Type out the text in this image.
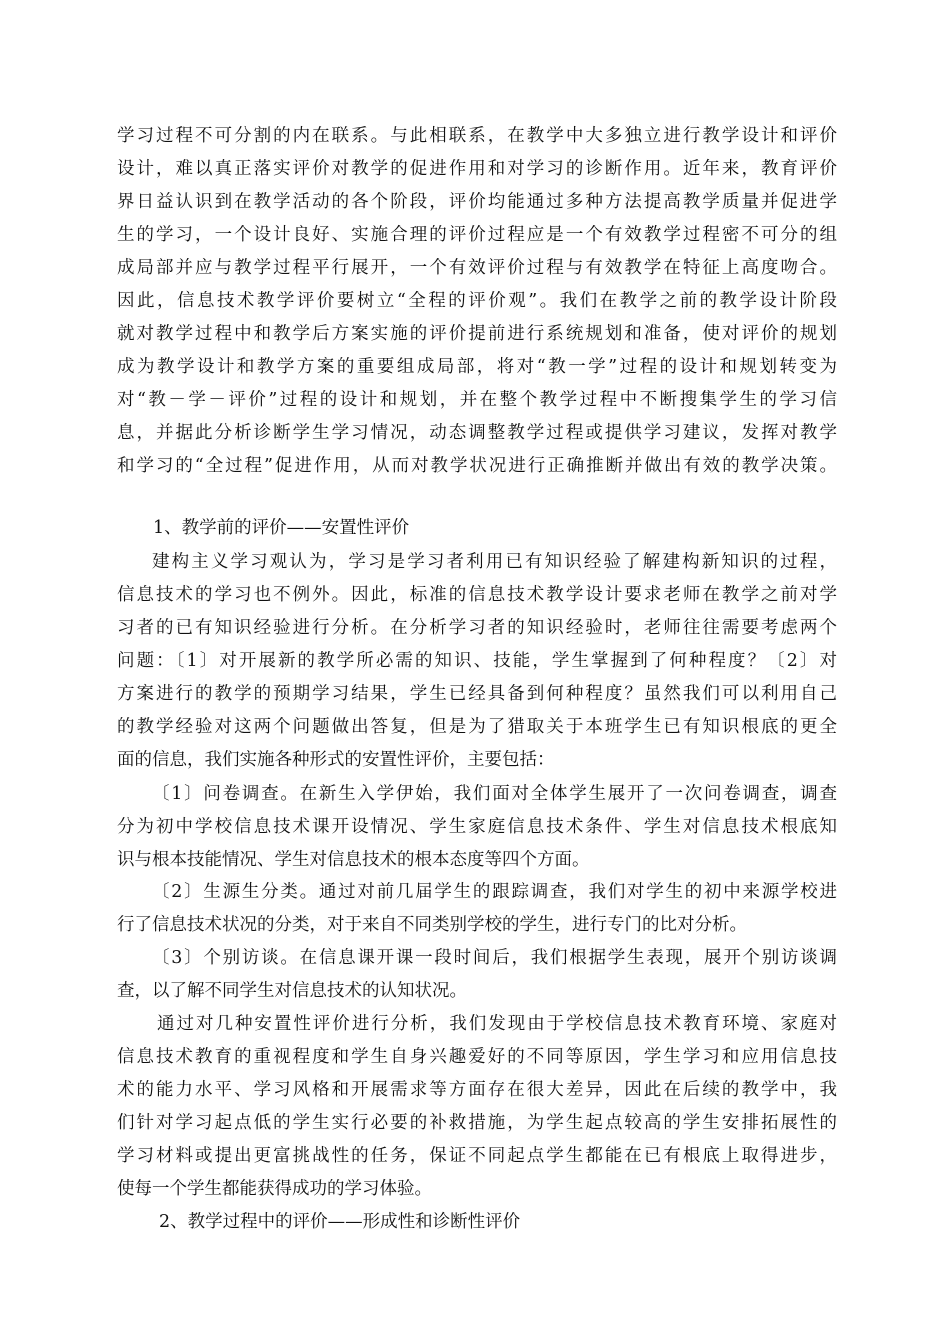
学习过程不可分割的内在联系。与此相联系，在教学中大多独立进行教学设计和评价
设计，难以真正落实评价对教学的促进作用和对学习的诊断作用。近年来，教育评价
界日益认识到在教学活动的各个阶段，评价均能通过多种方法提高教学质量并促进学
生的学习，一个设计良好、实施合理的评价过程应是一个有效教学过程密不可分的组
成局部并应与教学过程平行展开，一个有效评价过程与有效教学在特征上高度吻合。
因此，信息技术教学评价要树立“全程的评价观”。我们在教学之前的教学设计阶段
就对教学过程中和教学后方案实施的评价提前进行系统规划和准备，使对评价的规划
成为教学设计和教学方案的重要组成局部，将对“教一学”过程的设计和规划转变为
对“教－学－评价”过程的设计和规划，并在整个教学过程中不断搜集学生的学习信
息，并据此分析诊断学生学习情况，动态调整教学过程或提供学习建议，发挥对教学
和学习的“全过程”促进作用，从而对教学状况进行正确推断并做出有效的教学决策。
1、教学前的评价——安置性评价
建构主义学习观认为，学习是学习者利用已有知识经验了解建构新知识的过程，
信息技术的学习也不例外。因此，标准的信息技术教学设计要求老师在教学之前对学
习者的已有知识经验进行分析。在分析学习者的知识经验时，老师往往需要考虑两个
问题：〔1〕对开展新的教学所必需的知识、技能，学生掌握到了何种程度？〔2〕对
方案进行的教学的预期学习结果，学生已经具备到何种程度？虽然我们可以利用自己
的教学经验对这两个问题做出答复，但是为了猎取关于本班学生已有知识根底的更全
面的信息，我们实施各种形式的安置性评价，主要包括：
〔1〕问卷调查。在新生入学伊始，我们面对全体学生展开了一次问卷调查，调查
分为初中学校信息技术课开设情况、学生家庭信息技术条件、学生对信息技术根底知
识与根本技能情况、学生对信息技术的根本态度等四个方面。
〔2〕生源生分类。通过对前几届学生的跟踪调查，我们对学生的初中来源学校进
行了信息技术状况的分类，对于来自不同类别学校的学生，进行专门的比对分析。
〔3〕个别访谈。在信息课开课一段时间后，我们根据学生表现，展开个别访谈调
查，以了解不同学生对信息技术的认知状况。
通过对几种安置性评价进行分析，我们发现由于学校信息技术教育环境、家庭对
信息技术教育的重视程度和学生自身兴趣爱好的不同等原因，学生学习和应用信息技
术的能力水平、学习风格和开展需求等方面存在很大差异，因此在后续的教学中，我
们针对学习起点低的学生实行必要的补救措施，为学生起点较高的学生安排拓展性的
学习材料或提出更富挑战性的任务，保证不同起点学生都能在已有根底上取得进步，
使每一个学生都能获得成功的学习体验。
2、教学过程中的评价——形成性和诊断性评价
